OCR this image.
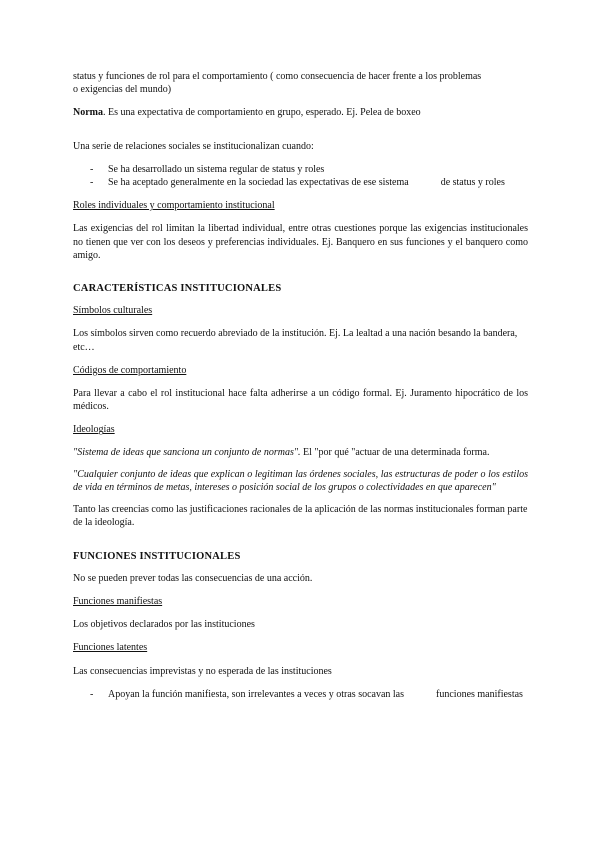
status y funciones de rol para el comportamiento ( como consecuencia de hacer frente a los problemas
o exigencias del mundo)

Norma. Es una expectativa de comportamiento en grupo, esperado. Ej. Pelea de boxeo

Una serie de relaciones sociales se institucionalizan cuando:

- Se ha desarrollado un sistema regular de status y roles
- Se ha aceptado generalmente en la sociedad las expectativas de ese sistema	de status y roles

Roles individuales y comportamiento institucional

Las exigencias del rol limitan la libertad individual, entre otras cuestiones porque las exigencias institucionales no tienen que ver con los deseos y preferencias individuales. Ej. Banquero en sus funciones y el banquero como amigo.

CARACTERÍSTICAS INSTITUCIONALES

Símbolos culturales

Los símbolos sirven como recuerdo abreviado de la institución. Ej. La lealtad a una nación besando la bandera, etc…

Códigos de comportamiento

Para llevar a cabo el rol institucional hace falta adherirse a un código formal. Ej. Juramento hipocrático de los médicos.

Ideologías

"Sistema de ideas que sanciona un conjunto de normas". El "por qué "actuar de una determinada forma.

"Cualquier conjunto de ideas que explican o legitiman las órdenes sociales, las estructuras de poder o los estilos de vida en términos de metas, intereses o posición social de los grupos o colectividades en que aparecen"

Tanto las creencias como las justificaciones racionales de la aplicación de las normas institucionales forman parte de la ideología.

FUNCIONES INSTITUCIONALES

No se pueden prever todas las consecuencias de una acción.

Funciones manifiestas

Los objetivos declarados por las instituciones

Funciones latentes

Las consecuencias imprevistas y no esperada de las instituciones

- Apoyan la función manifiesta, son irrelevantes a veces y otras socavan las	funciones manifiestas
